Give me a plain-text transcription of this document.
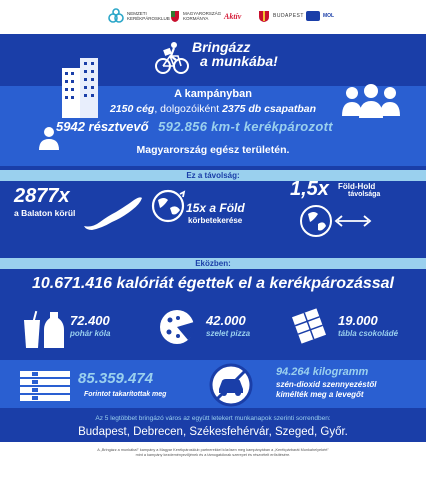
NEMZETI
KERÉKPÁROSKLUB
MAGYARORSZÁG
KORMÁNYA	Aktív	BUDAPEST	MOL
Bringázz
a munkába!
A kampányban
2150 cég, dolgozóiként 2375 db csapatban
5942 résztvevő 592.856 km-t kerékpározott
Magyarország egész területén.
Ez a távolság:
2877x
a Balaton körül	15x a Föld
körbetekerése
1,5x Föld-Hold
távolsága
Eközben:
10.671.416 kalóriát égettek el a kerékpározással
72.400
pohár kóla
42.000
szelet pizza
19.000
tábla csokoládé
85.359.474
Forintot takarítottak meg
94.264 kilogramm
szén-dioxid szennyezéstől
kímélték meg a levegőt
Az 5 legtöbbet bringázó város az együtt letekert munkanapok szerinti sorrendben:
Budapest, Debrecen, Székesfehérvár, Szeged, Győr.
A „Bringázz a munkába!” kampány a Magyar Kerékpárosklub partnerekkel közösen meg kampányában a „Kerékpárbarát Munkahelyekért"
mint a kampány kezdeményezőjének és a támogatóknak szerepet és részvételt erősítésére.
